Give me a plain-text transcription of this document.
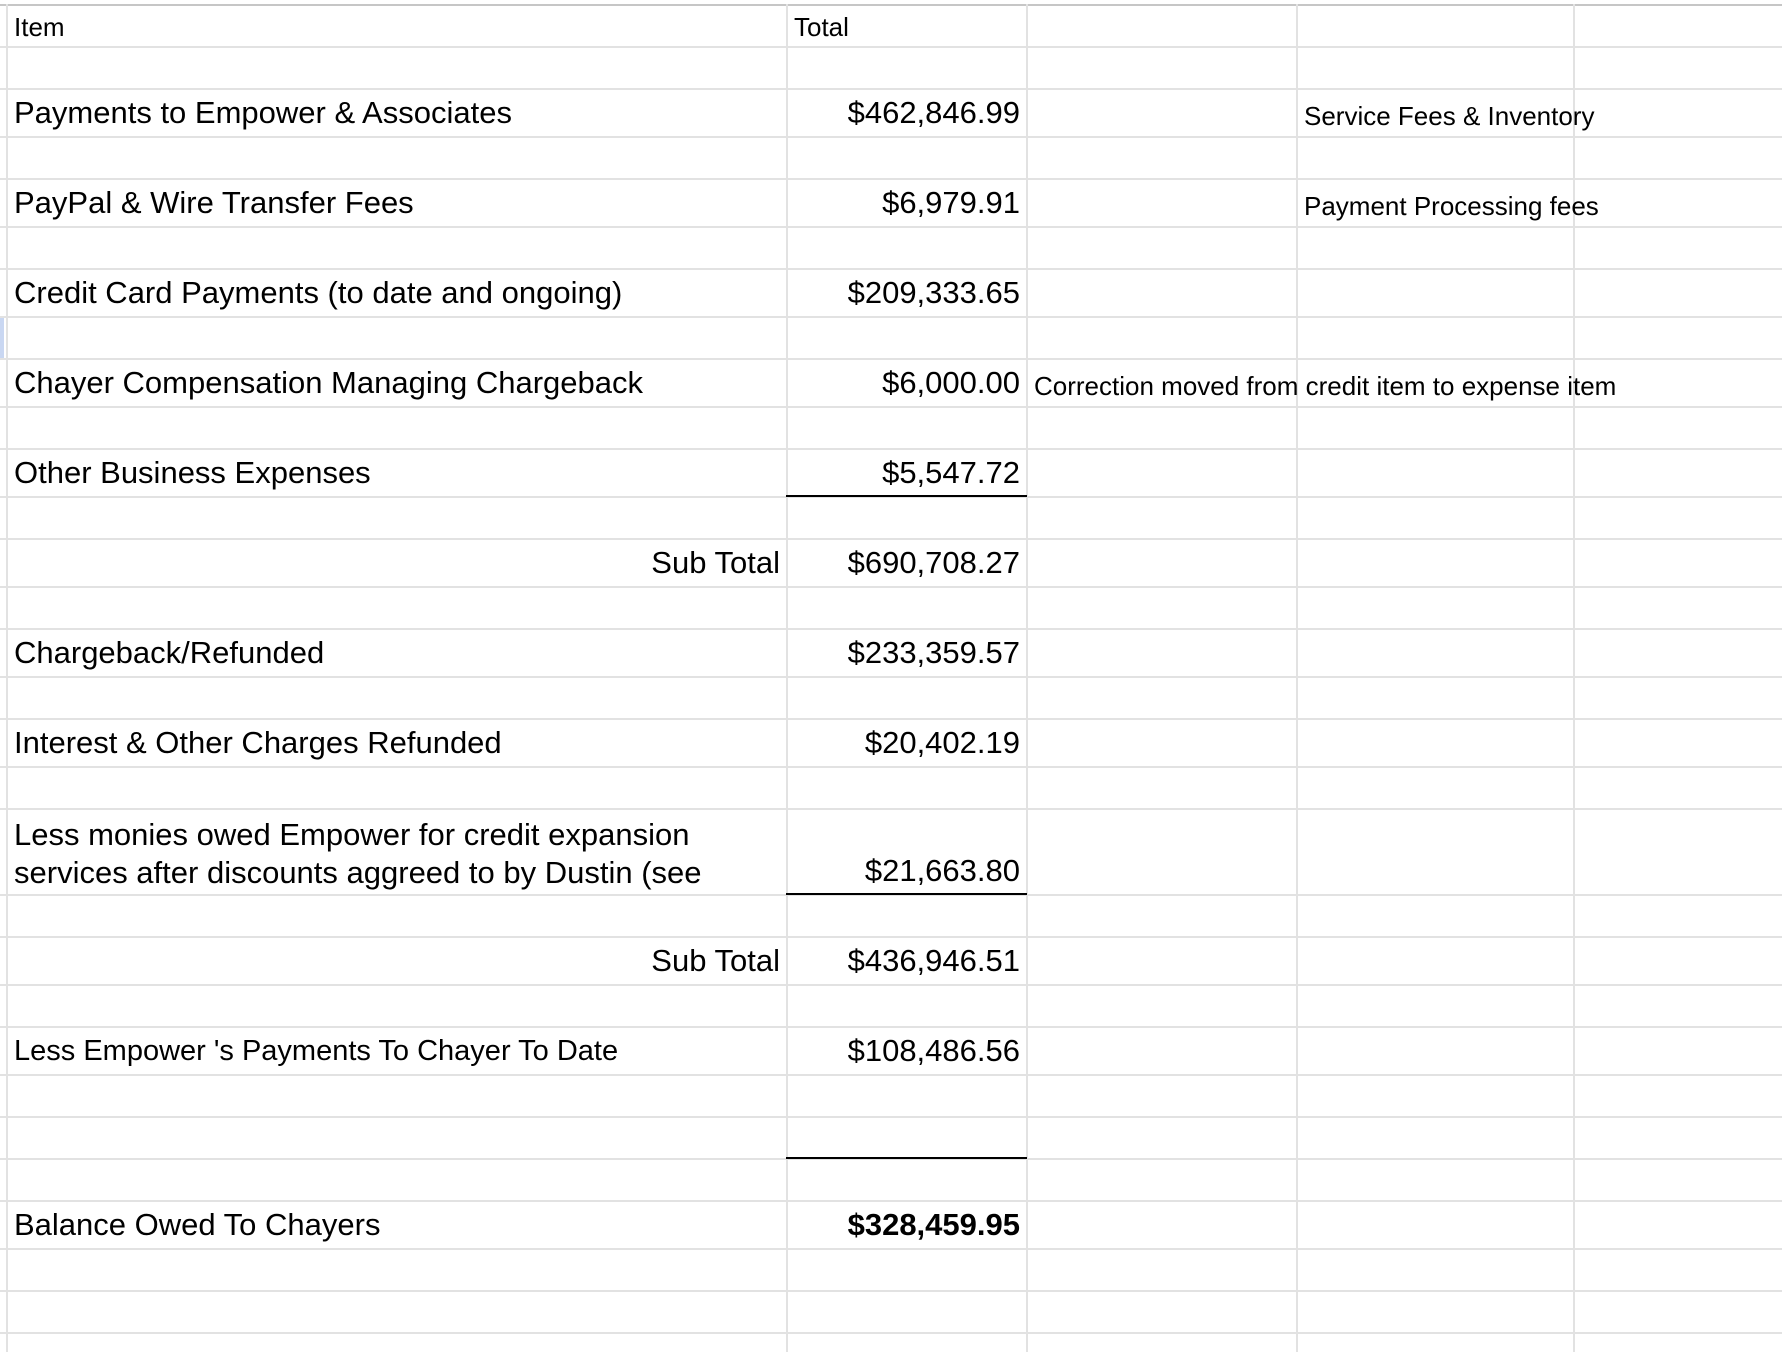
Item	Total
Payments to Empower & Associates	$462,846.99	Service Fees & Inventory
PayPal & Wire Transfer Fees	$6,979.91	Payment Processing fees
Credit Card Payments (to date and ongoing)	$209,333.65
Chayer Compensation Managing Chargeback	$6,000.00 Correction moved from credit item to expense item
Other Business Expenses	$5,547.72
Sub Total $690,708.27
Chargeback/Refunded	$233,359.57
Interest & Other Charges Refunded	$20,402.19
Less monies owed Empower for credit expansion
services after discounts aggreed to by Dustin (see	$21,663.80
Sub Total $436,946.51
Less Empower 's Payments To Chayer To Date	$108,486.56
Balance Owed To Chayers	$328,459.95
